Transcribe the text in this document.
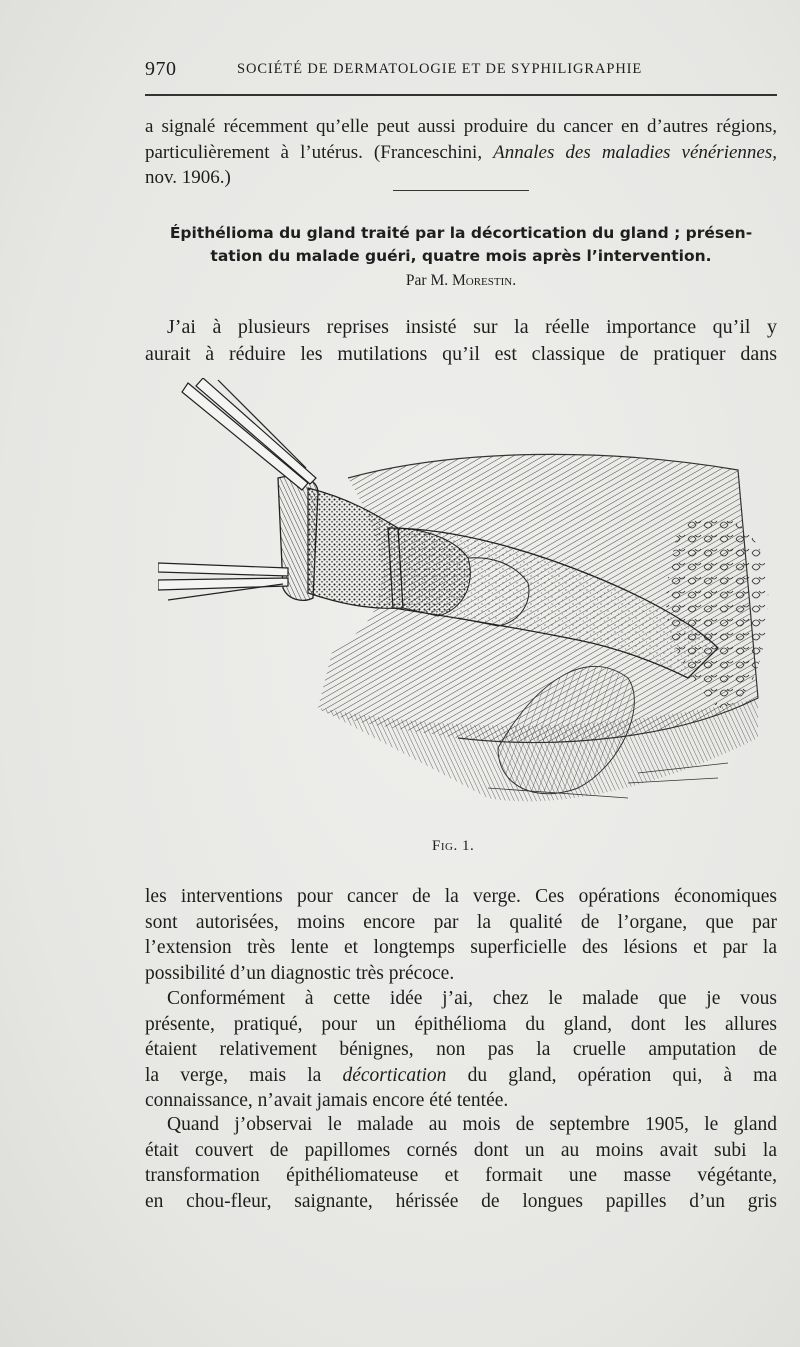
970	SOCIÉTÉ DE DERMATOLOGIE ET DE SYPHILIGRAPHIE
a signalé récemment qu’elle peut aussi produire du cancer en d’autres régions,
particulièrement à l’utérus. (Franceschini, Annales des maladies vénériennes,
nov. 1906.)
Épithélioma du gland traité par la décortication du gland ; présen-
tation du malade guéri, quatre mois après l’intervention.
Par M. Morestin.
J’ai à plusieurs reprises insisté sur la réelle importance qu’il y
aurait à réduire les mutilations qu’il est classique de pratiquer dans
Fig. 1.
les interventions pour cancer de la verge. Ces opérations économiques
sont autorisées, moins encore par la qualité de l’organe, que par
l’extension très lente et longtemps superficielle des lésions et par la
possibilité d’un diagnostic très précoce.
Conformément à cette idée j’ai, chez le malade que je vous
présente, pratiqué, pour un épithélioma du gland, dont les allures
étaient relativement bénignes, non pas la cruelle amputation de
la verge, mais la décortication du gland, opération qui, à ma
connaissance, n’avait jamais encore été tentée.
Quand j’observai le malade au mois de septembre 1905, le gland
était couvert de papillomes cornés dont un au moins avait subi la
transformation épithéliomateuse et formait une masse végétante,
en chou-fleur, saignante, hérissée de longues papilles d’un gris
